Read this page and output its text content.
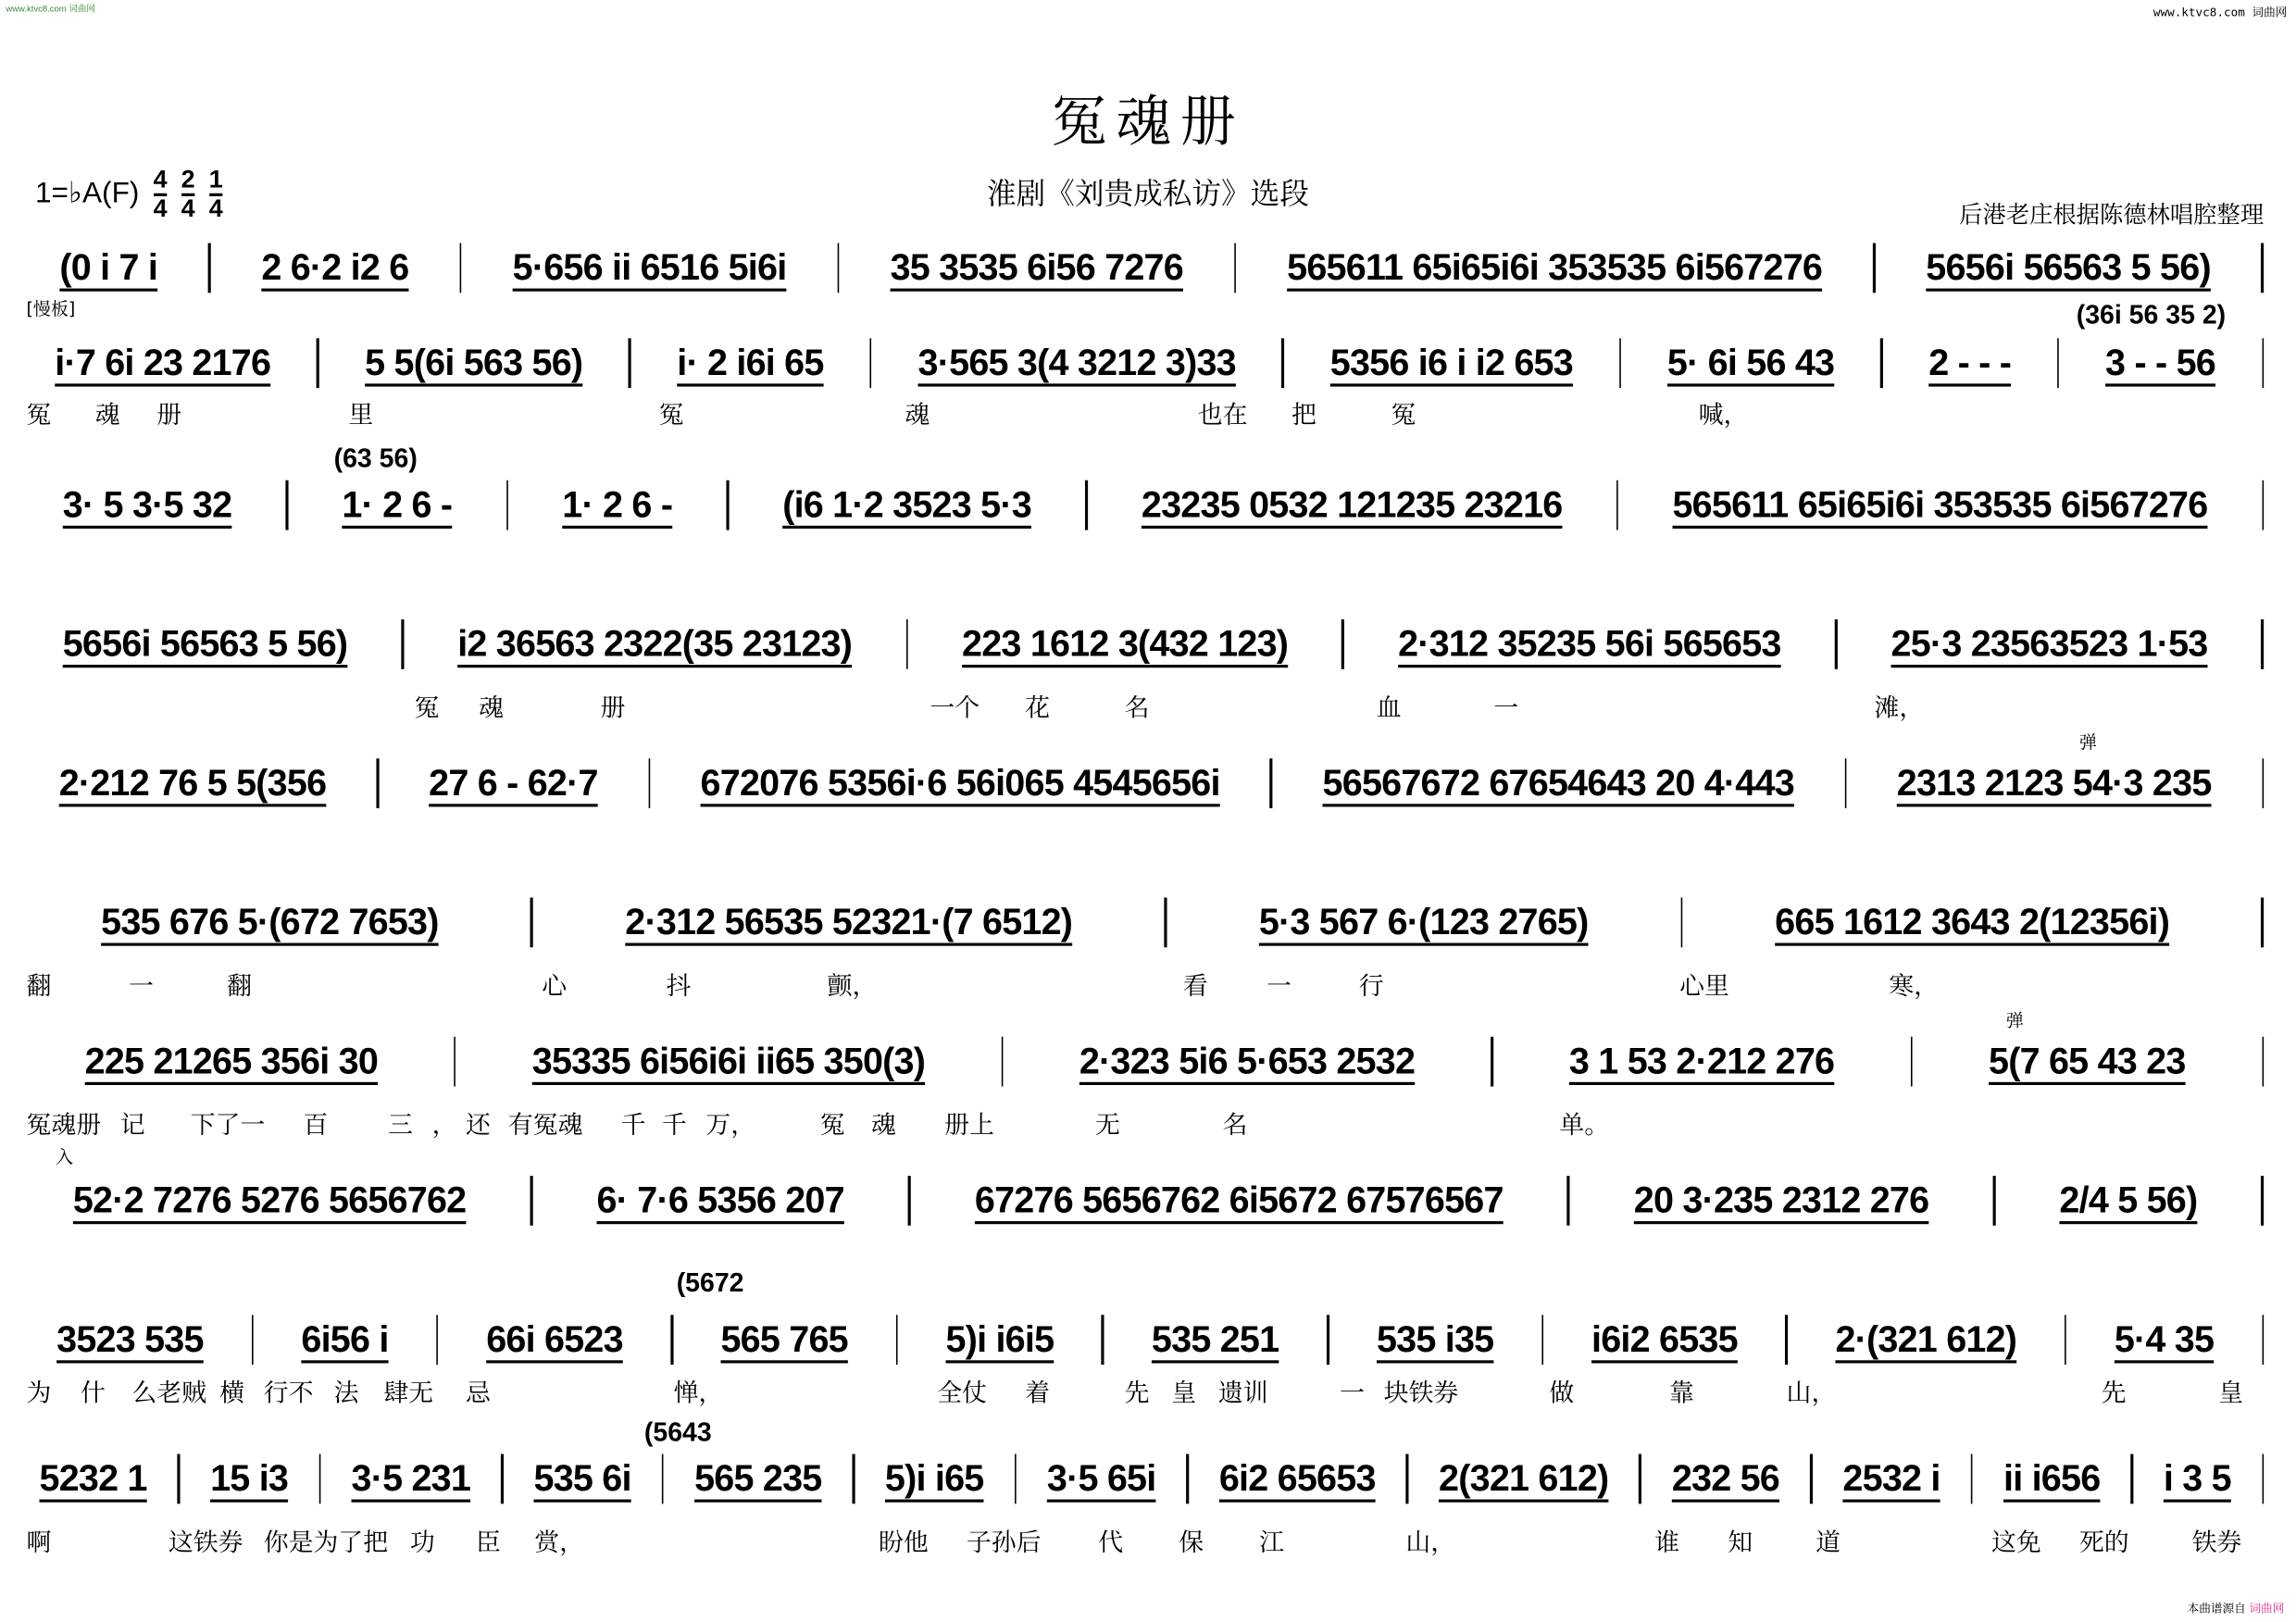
www.ktvc8.com 词曲网	www.ktvc8.com 词曲网
冤魂册
淮剧《刘贵成私访》选段
后港老庄根据陈德林唱腔整理
1=♭A(F) $\frac{4}{4}$
$\frac{2}{4}$
$\frac{1}{4}$
[慢板]	(36i 56 35 2)
(63 56)
弹
弹
入
(5672
(5643
(0 i 7 i	2 6·2 i2 6	5·656 ii 6516 5i6i	35 3535 6i56 7276	565611 65i65i6i 353535 6i567276	5656i 56563 5 56)
i·7 6i 23 2176	5 5(6i 563 56)	i· 2 i6i 65	3·565 3(4 3212 3)33	5356 i6 i i2 653	5· 6i 56 43	2 - - -	3 - - 56
3· 5 3·5 32	1· 2 6 -	1· 2 6 -	(i6 1·2 3523 5·3	23235 0532 121235 23216	565611 65i65i6i 353535 6i567276
5656i 56563 5 56)	i2 36563 2322(35 23123)	223 1612 3(432 123)	2·312 35235 56i 565653	25·3 23563523 1·53
2·212 76 5 5(356	27 6 - 62·7	672076 5356i·6 56i065 4545656i	56567672 67654643 20 4·443	2313 2123 54·3 235
535 676 5·(672 7653)	2·312 56535 52321·(7 6512)	5·3 567 6·(123 2765)	665 1612 3643 2(12356i)
225 21265 356i 30	35335 6i56i6i ii65 350(3)	2·323 5i6 5·653 2532	3 1 53 2·212 276	5(7 65 43 23
52·2 7276 5276 5656762	6· 7·6 5356 207	67276 5656762 6i5672 67576567	20 3·235 2312 276	2/4 5 56)
3523 535	6i56 i	66i 6523	565 765	5)i i6i5	535 251	535 i35	i6i2 6535	2·(321 612)	5·4 35
5232 1	15 i3	3·5 231	535 6i	565 235	5)i i65	3·5 65i	6i2 65653	2(321 612)	232 56	2532 i	ii i656	i 3 5
冤	魂 册	里	冤	魂	也在	把	冤	喊，
冤	魂	册	一个	花	名	血	一	滩，
翻	一	翻	心	抖	颤，	看	一	行	心里	寒，
冤魂册 记	下了一 百	三 ， 还 有冤魂 千 千 万，	冤 魂	册上	无	名	单。
为 什 么老贼 横 行不 法 肆无 忌	惮，	全仗 着	先 皇 遗训	一 块铁券	做	靠	山，	先	皇
啊	这铁券 你是为了把 功	臣 赏，	盼他 子孙后	代	保	江	山，	谁	知	道	这免 死的	铁券
本曲谱源自 词曲网
